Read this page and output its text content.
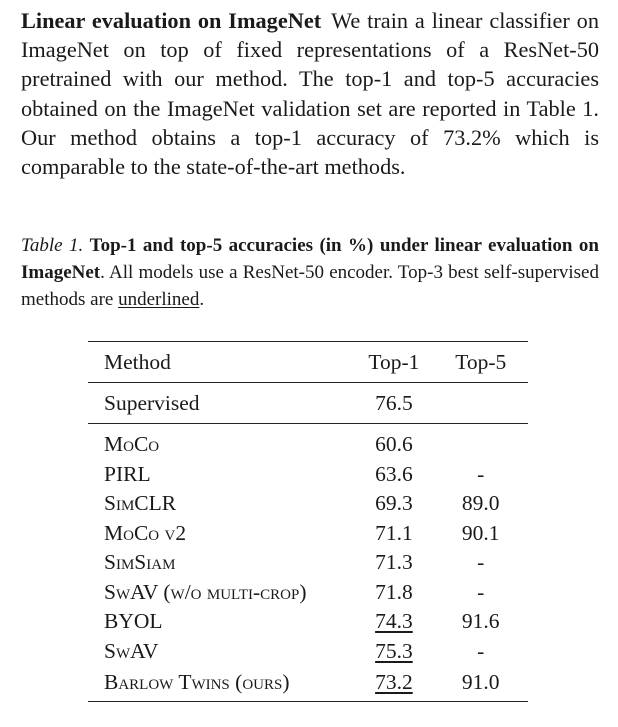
Linear evaluation on ImageNet We train a linear classifier on ImageNet on top of fixed representations of a ResNet-50 pretrained with our method. The top-1 and top-5 accuracies obtained on the ImageNet validation set are reported in Table 1. Our method obtains a top-1 accuracy of 73.2% which is comparable to the state-of-the-art methods.
Table 1. Top-1 and top-5 accuracies (in %) under linear evaluation on ImageNet. All models use a ResNet-50 encoder. Top-3 best self-supervised methods are underlined.
Method	Top-1	Top-5
Supervised	76.5	
MoCo	60.6	
PIRL	63.6	-
SimCLR	69.3	89.0
MoCo v2	71.1	90.1
SimSiam	71.3	-
SwAV (w/o multi-crop)	71.8	-
BYOL	74.3	91.6
SwAV	75.3	-
Barlow Twins (ours)	73.2	91.0
